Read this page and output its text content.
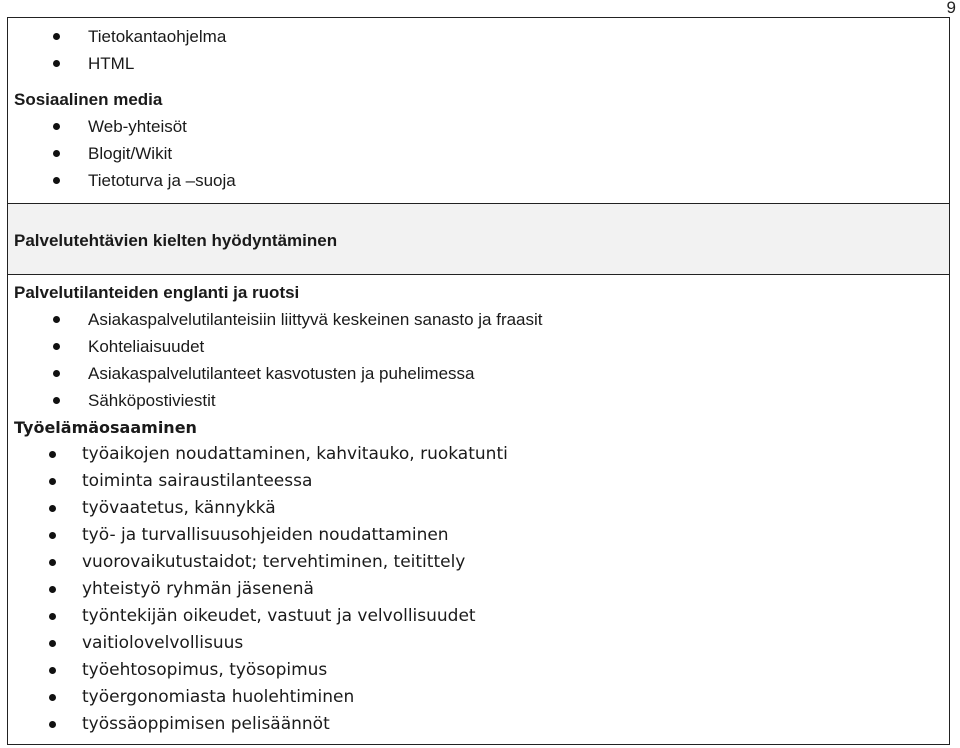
9
Tietokantaohjelma
HTML
Sosiaalinen media
Web-yhteisöt
Blogit/Wikit
Tietoturva ja –suoja
Palvelutehtävien kielten hyödyntäminen
Palvelutilanteiden englanti ja ruotsi
Asiakaspalvelutilanteisiin liittyvä keskeinen sanasto ja fraasit
Kohteliaisuudet
Asiakaspalvelutilanteet kasvotusten ja puhelimessa
Sähköpostiviestit
Työelämäosaaminen
työaikojen noudattaminen, kahvitauko, ruokatunti
toiminta sairaustilanteessa
työvaatetus, kännykkä
työ- ja turvallisuusohjeiden noudattaminen
vuorovaikutustaidot; tervehtiminen, teitittely
yhteistyö ryhmän jäsenenä
työntekijän oikeudet, vastuut ja velvollisuudet
vaitiolovelvollisuus
työehtosopimus, työsopimus
työergonomiasta huolehtiminen
työssäoppimisen pelisäännöt
